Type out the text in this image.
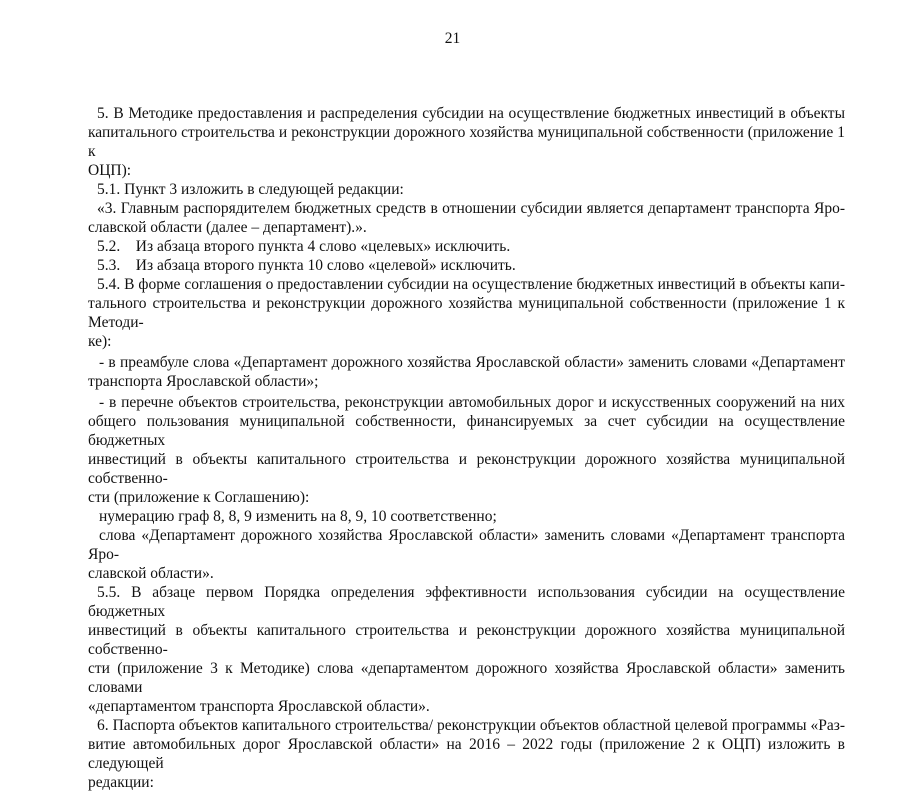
21
5. В Методике предоставления и распределения субсидии на осуществление бюджетных инвестиций в объекты
капитального строительства и реконструкции дорожного хозяйства муниципальной собственности (приложение 1 к
ОЦП):
5.1. Пункт 3 изложить в следующей редакции:
«3. Главным распорядителем бюджетных средств в отношении субсидии является департамент транспорта Яро-
славской области (далее – департамент).».
5.2.    Из абзаца второго пункта 4 слово «целевых» исключить.
5.3.    Из абзаца второго пункта 10 слово «целевой» исключить.
5.4. В форме соглашения о предоставлении субсидии на осуществление бюджетных инвестиций в объекты капи-
тального строительства и реконструкции дорожного хозяйства муниципальной собственности (приложение 1 к Методи-
ке):
- в преамбуле слова «Департамент дорожного хозяйства Ярославской области» заменить словами «Департамент
транспорта Ярославской области»;
- в перечне объектов строительства, реконструкции автомобильных дорог и искусственных сооружений на них
общего пользования муниципальной собственности, финансируемых за счет субсидии на осуществление бюджетных
инвестиций в объекты капитального строительства и реконструкции дорожного хозяйства муниципальной собственно-
сти (приложение к Соглашению):
нумерацию граф 8, 8, 9 изменить на 8, 9, 10 соответственно;
слова «Департамент дорожного хозяйства Ярославской области» заменить словами «Департамент транспорта Яро-
славской области».
5.5. В абзаце первом Порядка определения эффективности использования субсидии на осуществление бюджетных
инвестиций в объекты капитального строительства и реконструкции дорожного хозяйства муниципальной собственно-
сти (приложение 3 к Методике) слова «департаментом дорожного хозяйства Ярославской области» заменить словами
«департаментом транспорта Ярославской области».
6. Паспорта объектов капитального строительства/ реконструкции объектов областной целевой программы «Раз-
витие автомобильных дорог Ярославской области» на 2016 – 2022 годы (приложение 2 к ОЦП) изложить в следующей
редакции:
